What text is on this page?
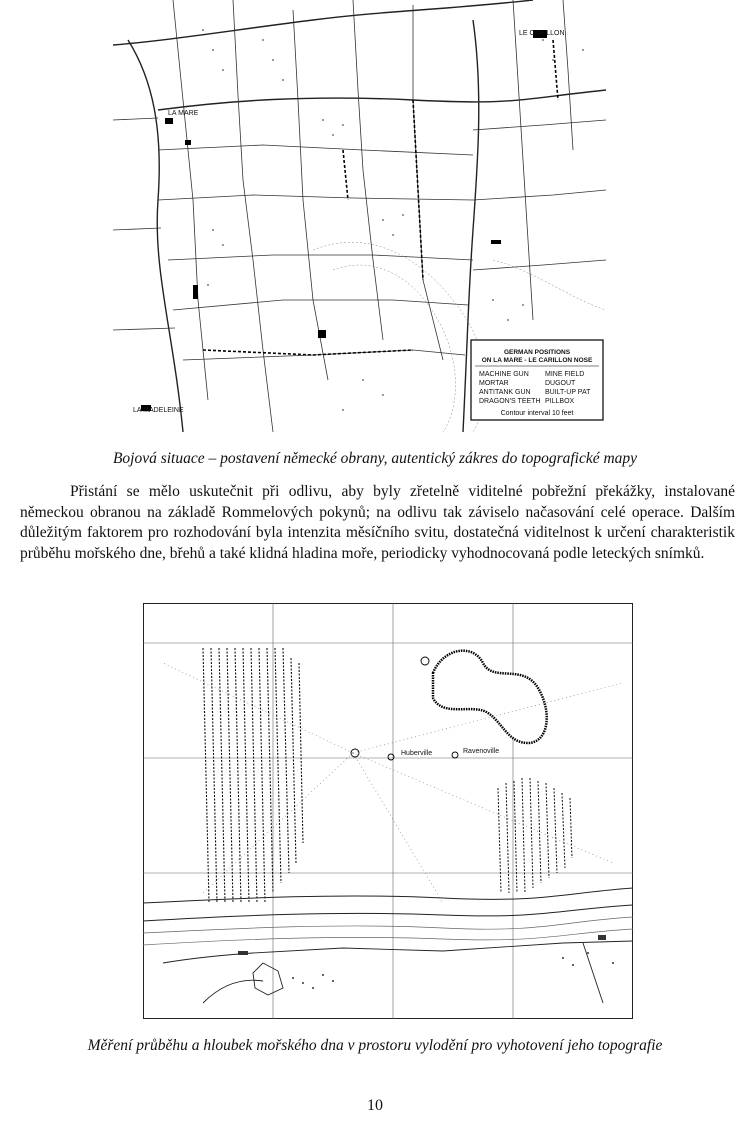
LE CARILLON
LA MARE
LA MADELEINE
GERMAN POSITIONS
ON LA MARE - LE CARILLON NOSE
MACHINE GUN
MORTAR
ANTITANK GUN
DRAGON'S TEETH
MINE FIELD
DUGOUT
BUILT-UP PAT
PILLBOX
Contour interval 10 feet
Bojová situace – postavení německé obrany, autentický zákres do topografické mapy

Přistání se mělo uskutečnit při odlivu, aby byly zřetelně viditelné pobřežní překážky, instalované německou obranou na základě Rommelových pokynů; na odlivu tak záviselo načasování celé operace. Dalším důležitým faktorem pro rozhodování byla intenzita měsíčního svitu, dostatečná viditelnost k určení charakteristik průběhu mořského dne, břehů a také klidná hladina moře, periodicky vyhodnocovaná podle leteckých snímků.

Huberville	Ravenoville
Měření průběhu a hloubek mořského dna v prostoru vylodění pro vyhotovení jeho topografie
10
